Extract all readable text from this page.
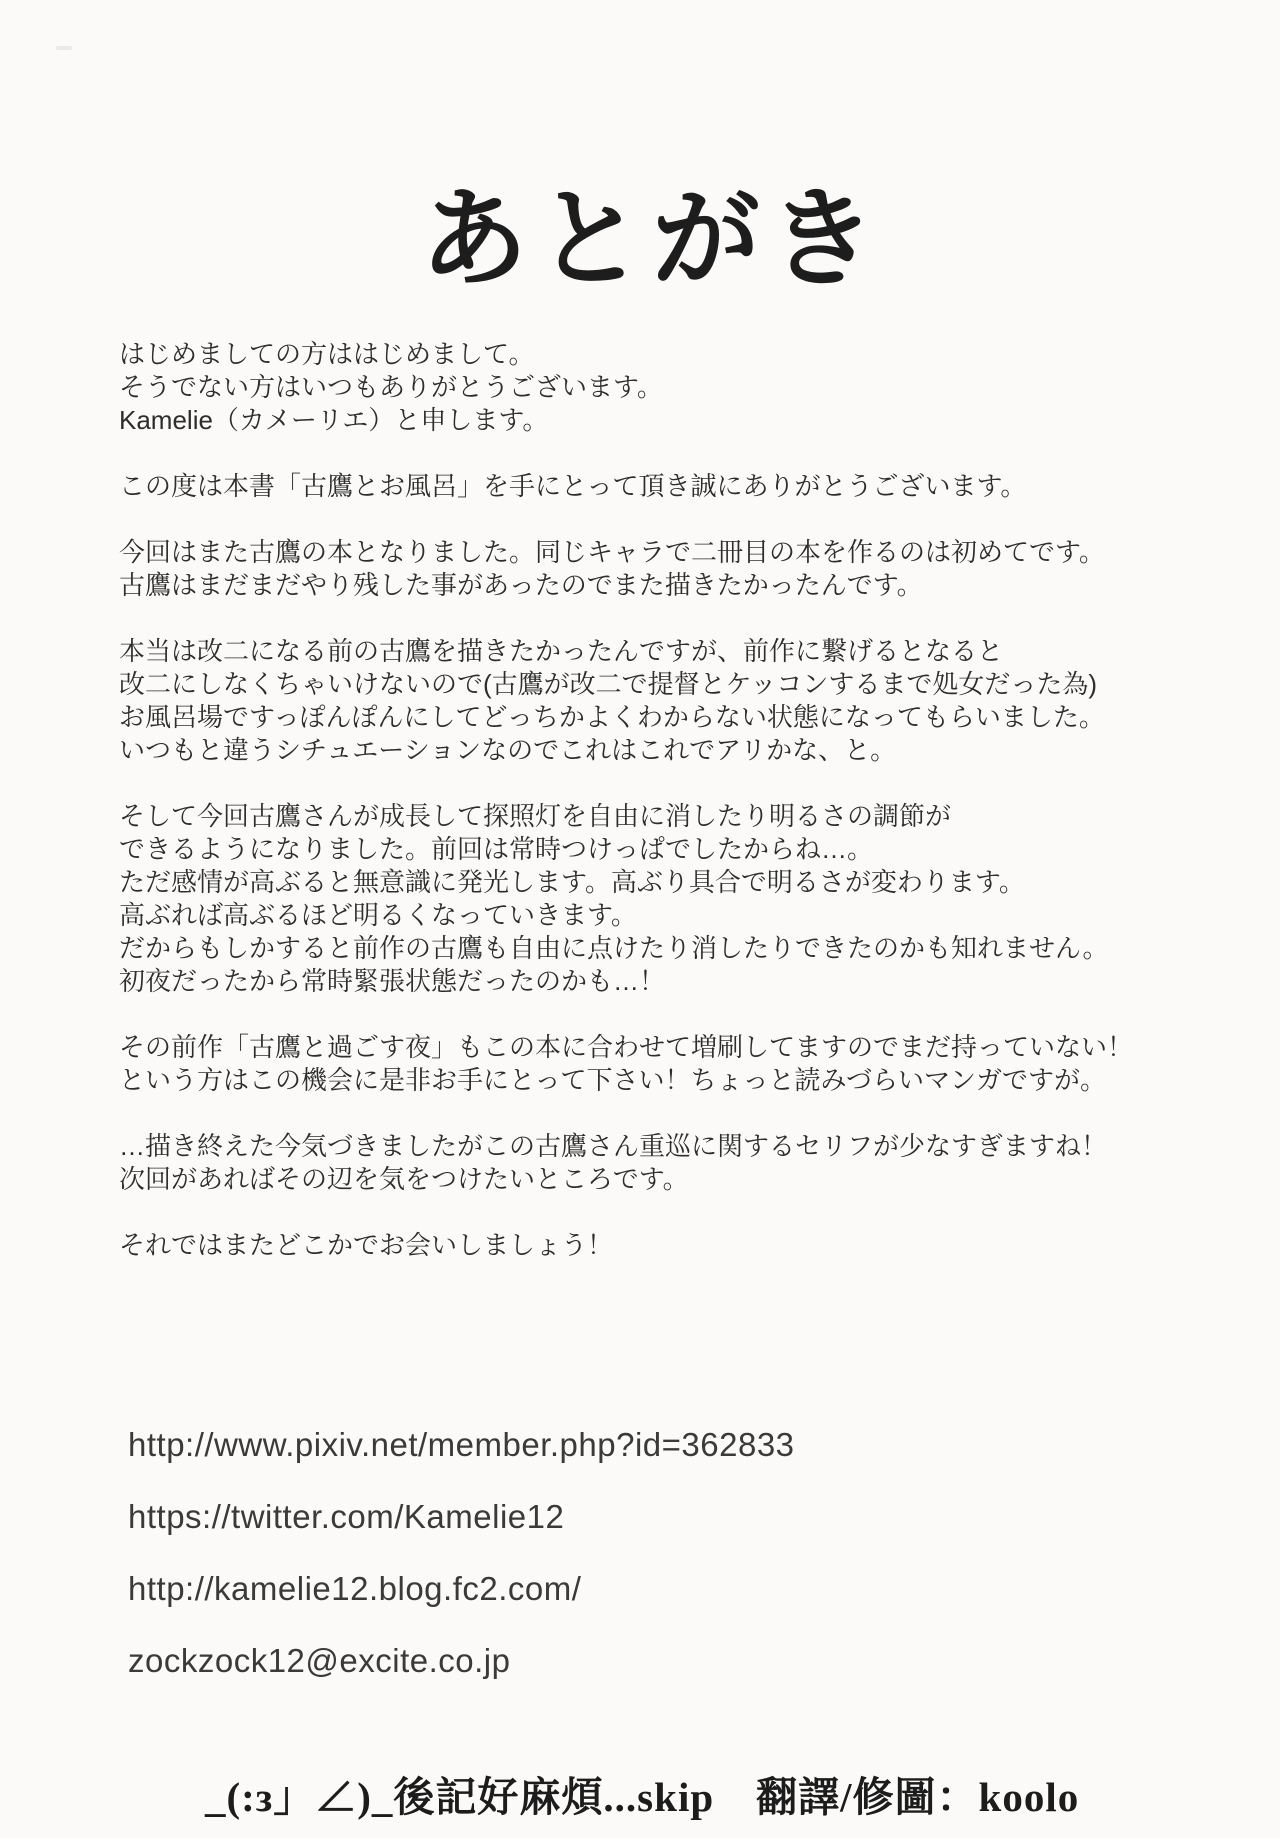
あとがき
はじめましての方ははじめまして。
そうでない方はいつもありがとうございます。
Kamelie（カメーリエ）と申します。
この度は本書「古鷹とお風呂」を手にとって頂き誠にありがとうございます。
今回はまた古鷹の本となりました。同じキャラで二冊目の本を作るのは初めてです。
古鷹はまだまだやり残した事があったのでまた描きたかったんです。
本当は改二になる前の古鷹を描きたかったんですが、前作に繋げるとなると
改二にしなくちゃいけないので(古鷹が改二で提督とケッコンするまで処女だった為)
お風呂場ですっぽんぽんにしてどっちかよくわからない状態になってもらいました。
いつもと違うシチュエーションなのでこれはこれでアリかな、と。
そして今回古鷹さんが成長して探照灯を自由に消したり明るさの調節が
できるようになりました。前回は常時つけっぱでしたからね…。
ただ感情が高ぶると無意識に発光します。高ぶり具合で明るさが変わります。
高ぶれば高ぶるほど明るくなっていきます。
だからもしかすると前作の古鷹も自由に点けたり消したりできたのかも知れません。
初夜だったから常時緊張状態だったのかも…！
その前作「古鷹と過ごす夜」もこの本に合わせて増刷してますのでまだ持っていない！
という方はこの機会に是非お手にとって下さい！ちょっと読みづらいマンガですが。
…描き終えた今気づきましたがこの古鷹さん重巡に関するセリフが少なすぎますね！
次回があればその辺を気をつけたいところです。
それではまたどこかでお会いしましょう！
http://www.pixiv.net/member.php?id=362833
https://twitter.com/Kamelie12
http://kamelie12.blog.fc2.com/
zockzock12@excite.co.jp
_(:з」∠)_後記好麻煩...skip　翻譯/修圖：koolo
